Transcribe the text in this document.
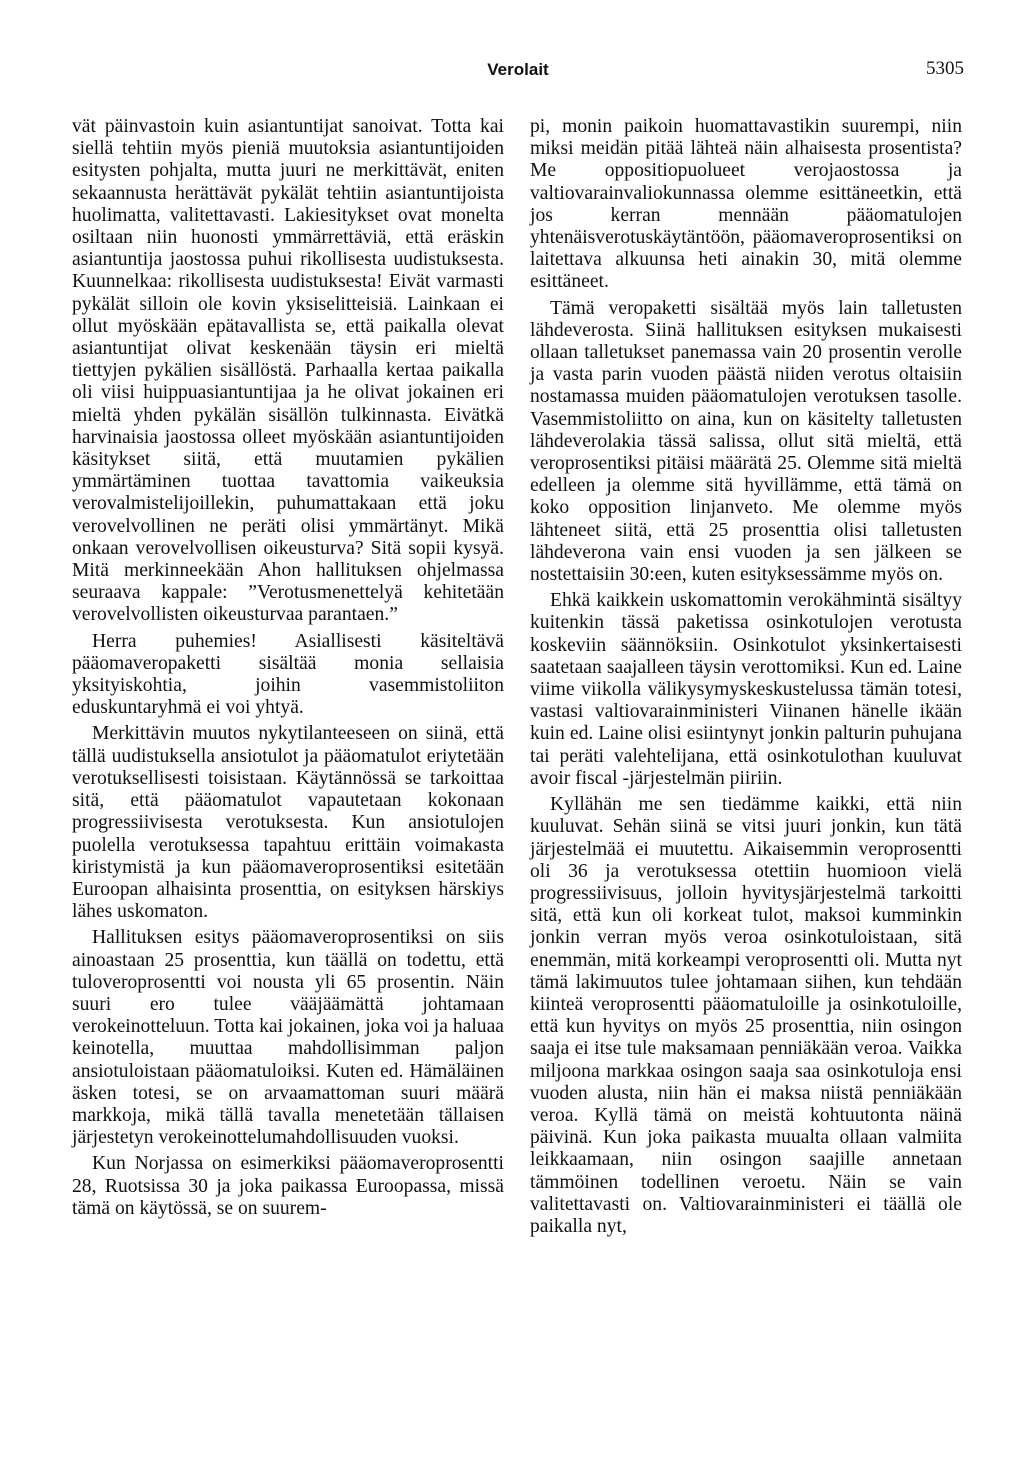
Verolait	5305

vät päinvastoin kuin asiantuntijat sanoivat. Totta kai siellä tehtiin myös pieniä muutoksia asiantuntijoiden esitysten pohjalta, mutta juuri ne merkittävät, eniten sekaannusta herättävät pykälät tehtiin asiantuntijoista huolimatta, valitettavasti. Lakiesitykset ovat monelta osiltaan niin huonosti ymmärrettäviä, että eräskin asiantuntija jaostossa puhui rikollisesta uudistuksesta. Kuunnelkaa: rikollisesta uudistuksesta! Eivät varmasti pykälät silloin ole kovin yksiselitteisiä. Lainkaan ei ollut myöskään epätavallista se, että paikalla olevat asiantuntijat olivat keskenään täysin eri mieltä tiettyjen pykälien sisällöstä. Parhaalla kertaa paikalla oli viisi huippuasiantuntijaa ja he olivat jokainen eri mieltä yhden pykälän sisällön tulkinnasta. Eivätkä harvinaisia jaostossa olleet myöskään asiantuntijoiden käsitykset siitä, että muutamien pykälien ymmärtäminen tuottaa tavattomia vaikeuksia verovalmistelijoillekin, puhumattakaan että joku verovelvollinen ne peräti olisi ymmärtänyt. Mikä onkaan verovelvollisen oikeusturva? Sitä sopii kysyä. Mitä merkinneekään Ahon hallituksen ohjelmassa seuraava kappale: ”Verotusmenettelyä kehitetään verovelvollisten oikeusturvaa parantaen.”

Herra puhemies! Asiallisesti käsiteltävä pääomaveropaketti sisältää monia sellaisia yksityiskohtia, joihin vasemmistoliiton eduskuntaryhmä ei voi yhtyä.

Merkittävin muutos nykytilanteeseen on siinä, että tällä uudistuksella ansiotulot ja pääomatulot eriytetään verotuksellisesti toisistaan. Käytännössä se tarkoittaa sitä, että pääomatulot vapautetaan kokonaan progressiivisesta verotuksesta. Kun ansiotulojen puolella verotuksessa tapahtuu erittäin voimakasta kiristymistä ja kun pääomaveroprosentiksi esitetään Euroopan alhaisinta prosenttia, on esityksen härskiys lähes uskomaton.

Hallituksen esitys pääomaveroprosentiksi on siis ainoastaan 25 prosenttia, kun täällä on todettu, että tuloveroprosentti voi nousta yli 65 prosentin. Näin suuri ero tulee vääjäämättä johtamaan verokeinotteluun. Totta kai jokainen, joka voi ja haluaa keinotella, muuttaa mahdollisimman paljon ansiotuloistaan pääomatuloiksi. Kuten ed. Hämäläinen äsken totesi, se on arvaamattoman suuri määrä markkoja, mikä tällä tavalla menetetään tällaisen järjestetyn verokeinottelumahdollisuuden vuoksi.

Kun Norjassa on esimerkiksi pääomaveroprosentti 28, Ruotsissa 30 ja joka paikassa Euroopassa, missä tämä on käytössä, se on suurem-

pi, monin paikoin huomattavastikin suurempi, niin miksi meidän pitää lähteä näin alhaisesta prosentista? Me oppositiopuolueet verojaostossa ja valtiovarainvaliokunnassa olemme esittäneetkin, että jos kerran mennään pääomatulojen yhtenäisverotuskäytäntöön, pääomaveroprosentiksi on laitettava alkuunsa heti ainakin 30, mitä olemme esittäneet.

Tämä veropaketti sisältää myös lain talletusten lähdeverosta. Siinä hallituksen esityksen mukaisesti ollaan talletukset panemassa vain 20 prosentin verolle ja vasta parin vuoden päästä niiden verotus oltaisiin nostamassa muiden pääomatulojen verotuksen tasolle. Vasemmistoliitto on aina, kun on käsitelty talletusten lähdeverolakia tässä salissa, ollut sitä mieltä, että veroprosentiksi pitäisi määrätä 25. Olemme sitä mieltä edelleen ja olemme sitä hyvillämme, että tämä on koko opposition linjanveto. Me olemme myös lähteneet siitä, että 25 prosenttia olisi talletusten lähdeverona vain ensi vuoden ja sen jälkeen se nostettaisiin 30:een, kuten esityksessämme myös on.

Ehkä kaikkein uskomattomin verokähmintä sisältyy kuitenkin tässä paketissa osinkotulojen verotusta koskeviin säännöksiin. Osinkotulot yksinkertaisesti saatetaan saajalleen täysin verottomiksi. Kun ed. Laine viime viikolla välikysymyskeskustelussa tämän totesi, vastasi valtiovarainministeri Viinanen hänelle ikään kuin ed. Laine olisi esiintynyt jonkin palturin puhujana tai peräti valehtelijana, että osinkotulothan kuuluvat avoir fiscal -järjestelmän piiriin.

Kyllähän me sen tiedämme kaikki, että niin kuuluvat. Sehän siinä se vitsi juuri jonkin, kun tätä järjestelmää ei muutettu. Aikaisemmin veroprosentti oli 36 ja verotuksessa otettiin huomioon vielä progressiivisuus, jolloin hyvitysjärjestelmä tarkoitti sitä, että kun oli korkeat tulot, maksoi kumminkin jonkin verran myös veroa osinkotuloistaan, sitä enemmän, mitä korkeampi veroprosentti oli. Mutta nyt tämä lakimuutos tulee johtamaan siihen, kun tehdään kiinteä veroprosentti pääomatuloille ja osinkotuloille, että kun hyvitys on myös 25 prosenttia, niin osingon saaja ei itse tule maksamaan penniäkään veroa. Vaikka miljoona markkaa osingon saaja saa osinkotuloja ensi vuoden alusta, niin hän ei maksa niistä penniäkään veroa. Kyllä tämä on meistä kohtuutonta näinä päivinä. Kun joka paikasta muualta ollaan valmiita leikkaamaan, niin osingon saajille annetaan tämmöinen todellinen veroetu. Näin se vain valitettavasti on. Valtiovarainministeri ei täällä ole paikalla nyt,
